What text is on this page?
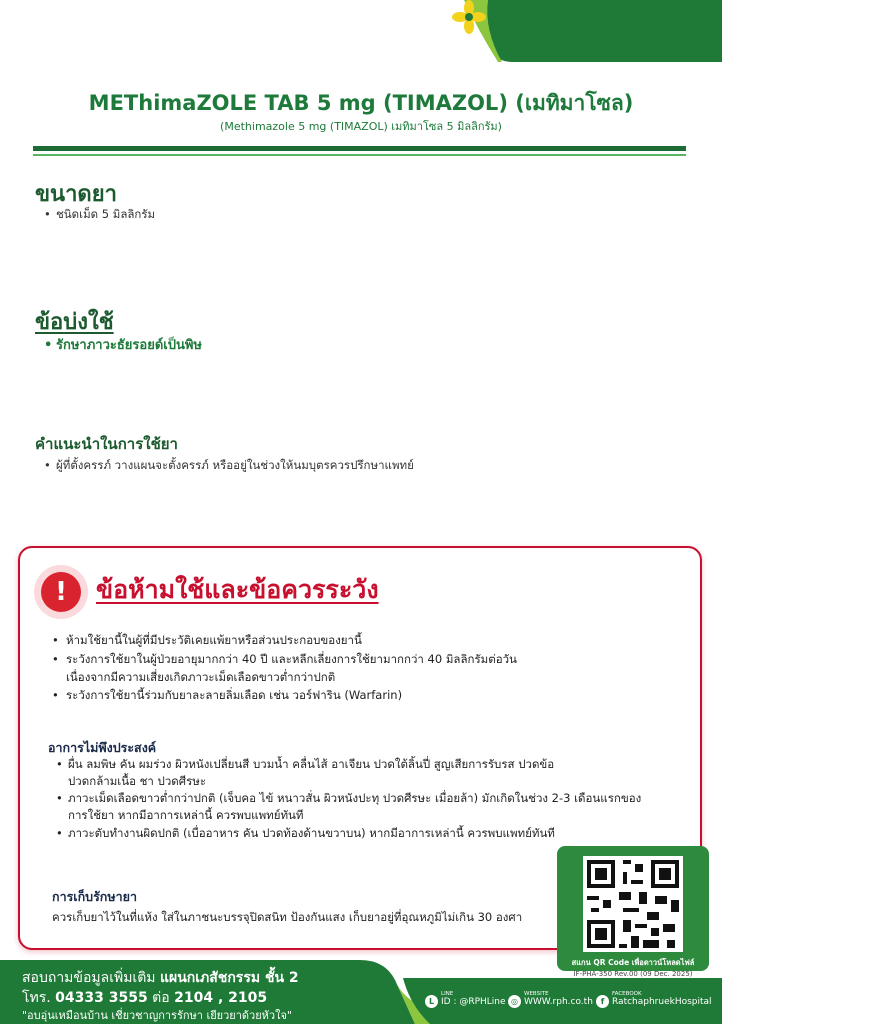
โรงพยาบาลราชพฤกษ์
Ratchaphruek Hospital
METhimaZOLE TAB 5 mg (TIMAZOL) (เมทิมาโซล)
(Methimazole 5 mg (TIMAZOL) เมทิมาโซล 5 มิลลิกรัม)
ขนาดยา
• ชนิดเม็ด 5 มิลลิกรัม
ข้อบ่งใช้
• รักษาภาวะธัยรอยด์เป็นพิษ
คำแนะนำในการใช้ยา
• ผู้ที่ตั้งครรภ์ วางแผนจะตั้งครรภ์ หรืออยู่ในช่วงให้นมบุตรควรปรึกษาแพทย์
!	ข้อห้ามใช้และข้อควรระวัง
• ห้ามใช้ยานี้ในผู้ที่มีประวัติเคยแพ้ยาหรือส่วนประกอบของยานี้
• ระวังการใช้ยาในผู้ป่วยอายุมากกว่า 40 ปี และหลีกเลี่ยงการใช้ยามากกว่า 40 มิลลิกรัมต่อวัน
เนื่องจากมีความเสี่ยงเกิดภาวะเม็ดเลือดขาวต่ำกว่าปกติ
• ระวังการใช้ยานี้ร่วมกับยาละลายลิ่มเลือด เช่น วอร์ฟาริน (Warfarin)
อาการไม่พึงประสงค์
• ผื่น ลมพิษ คัน ผมร่วง ผิวหนังเปลี่ยนสี บวมน้ำ คลื่นไส้ อาเจียน ปวดใต้ลิ้นปี่ สูญเสียการรับรส ปวดข้อ
ปวดกล้ามเนื้อ ชา ปวดศีรษะ
• ภาวะเม็ดเลือดขาวต่ำกว่าปกติ (เจ็บคอ ไข้ หนาวสั่น ผิวหนังปะทุ ปวดศีรษะ เมื่อยล้า) มักเกิดในช่วง 2-3 เดือนแรกของ
การใช้ยา หากมีอาการเหล่านี้ ควรพบแพทย์ทันที
• ภาวะตับทำงานผิดปกติ (เบื่ออาหาร คัน ปวดท้องด้านขวาบน) หากมีอาการเหล่านี้ ควรพบแพทย์ทันที
การเก็บรักษายา
ควรเก็บยาไว้ในที่แห้ง ใส่ในภาชนะบรรจุปิดสนิท ป้องกันแสง เก็บยาอยู่ที่อุณหภูมิไม่เกิน 30 องศา
สแกน QR Code เพื่อดาวน์โหลดไฟล์
IF-PHA-350 Rev.00 (09 Dec. 2025)
สอบถามข้อมูลเพิ่มเติม แผนกเภสัชกรรม ชั้น 2
โทร. 04333 3555 ต่อ 2104 , 2105
"อบอุ่นเหมือนบ้าน เชี่ยวชาญการรักษา เยียวยาด้วยหัวใจ"
L
LINE
ID : @RPHLine ◎
WEBSITE
WWW.rph.co.th f
FACEBOOK
RatchaphruekHospital
